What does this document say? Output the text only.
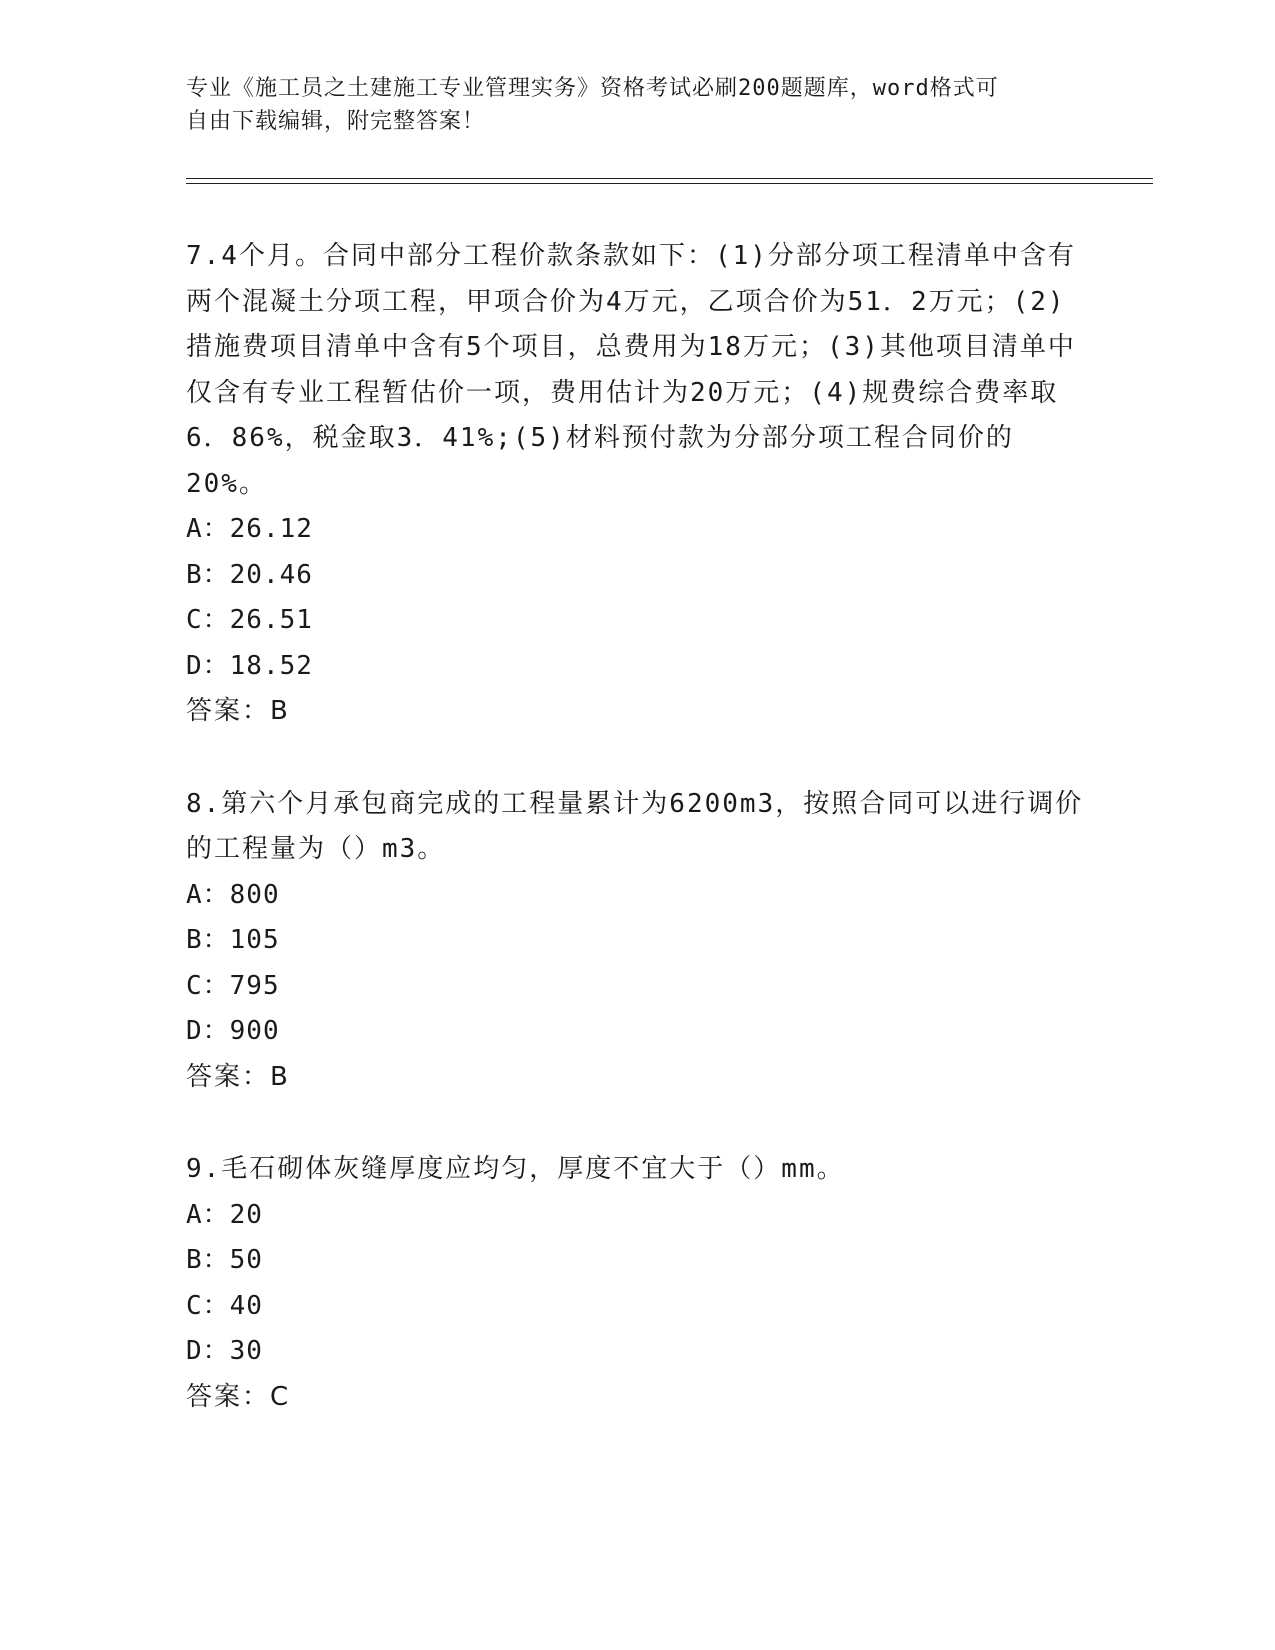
专业《施工员之土建施工专业管理实务》资格考试必刷200题题库，word格式可
自由下载编辑，附完整答案！

7.4个月。合同中部分工程价款条款如下：(1)分部分项工程清单中含有两个混凝土分项工程，甲项合价为4万元，乙项合价为51．2万元；(2)措施费项目清单中含有5个项目，总费用为18万元；(3)其他项目清单中仅含有专业工程暂估价一项，费用估计为20万元；(4)规费综合费率取6．86%，税金取3．41%;(5)材料预付款为分部分项工程合同价的20%。

A：26.12

B：20.46

C：26.51

D：18.52

答案：B

8.第六个月承包商完成的工程量累计为6200m3，按照合同可以进行调价的工程量为（）m3。

A：800

B：105

C：795

D：900

答案：B

9.毛石砌体灰缝厚度应均匀，厚度不宜大于（）mm。

A：20

B：50

C：40

D：30

答案：C
